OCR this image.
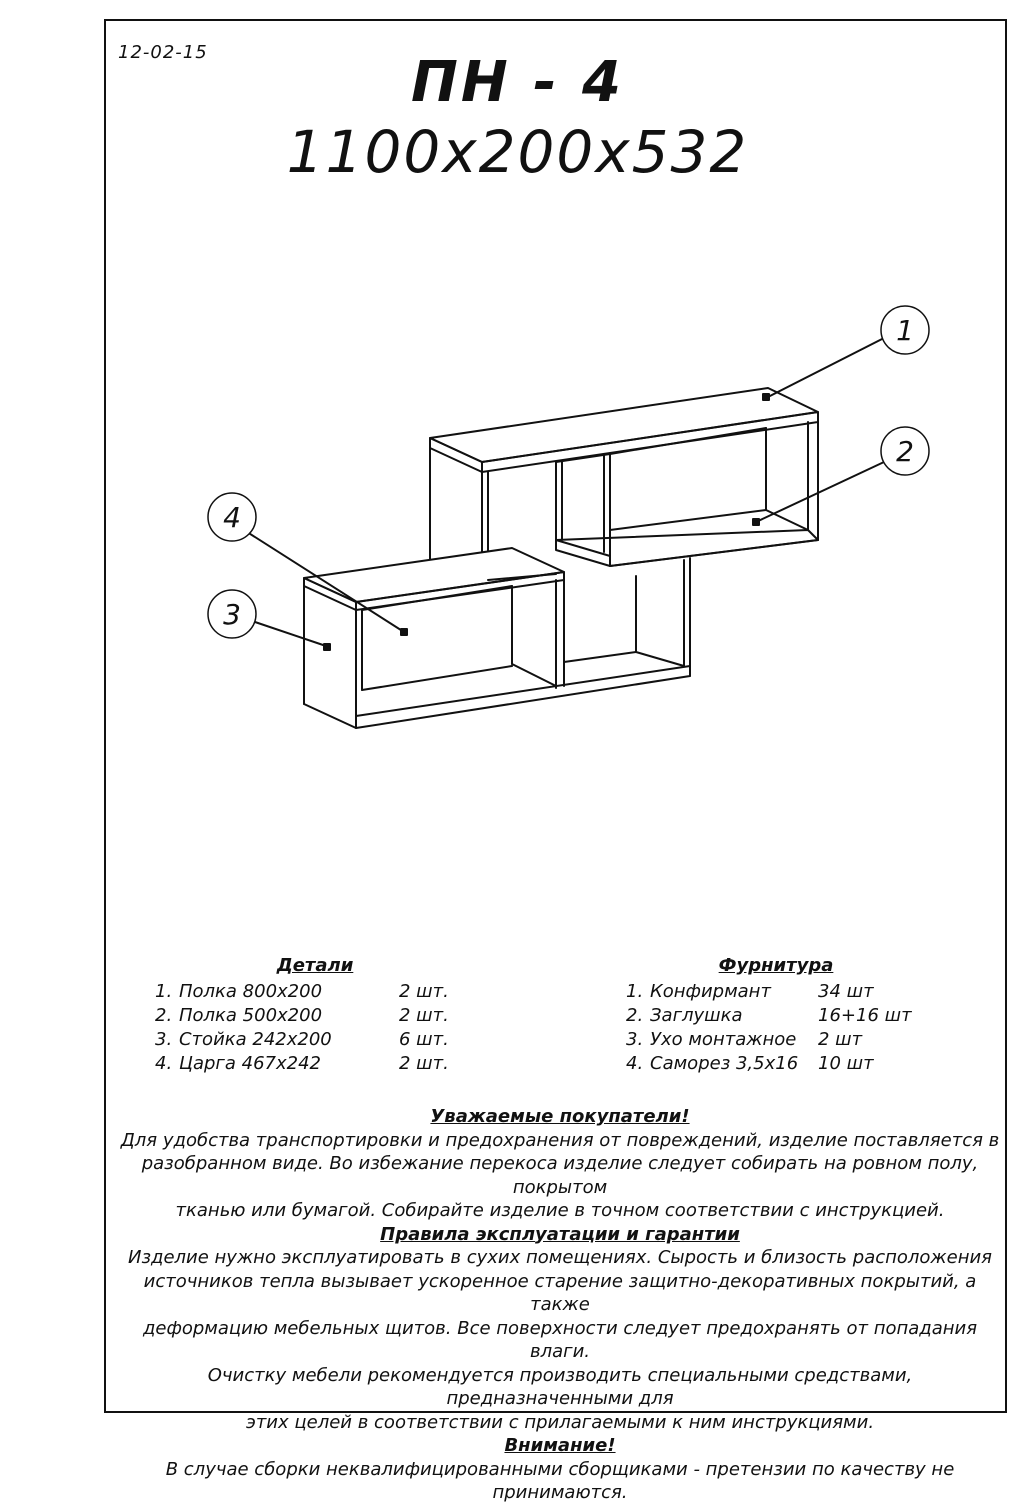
12-02-15	ПН - 4
1100x200x532
1
2
4
3
Детали
1. Полка 800x200	2 шт.
2. Полка 500x200	2 шт.
3. Стойка 242x200	6 шт.
4. Царга 467x242	2 шт.
Фурнитура
1. Конфирмант	34 шт
2. Заглушка	16+16 шт
3. Ухо монтажное 2 шт
4. Саморез 3,5x16 10 шт

Уважаемые покупатели!

Для удобства транспортировки и предохранения от повреждений, изделие поставляется в

разобранном виде. Во избежание перекоса изделие следует собирать на ровном полу, покрытом

тканью или бумагой. Собирайте изделие в точном соответствии с инструкцией.

Правила эксплуатации и гарантии

Изделие нужно эксплуатировать в сухих помещениях. Сырость и близость расположения

источников тепла вызывает ускоренное старение защитно-декоративных покрытий, а также

деформацию мебельных щитов. Все поверхности следует предохранять от попадания влаги.

Очистку мебели рекомендуется производить специальными средствами, предназначенными для

этих целей в соответствии с прилагаемыми к ним инструкциями.

Внимание!

В случае сборки неквалифицированными сборщиками - претензии по качеству не принимаются.
